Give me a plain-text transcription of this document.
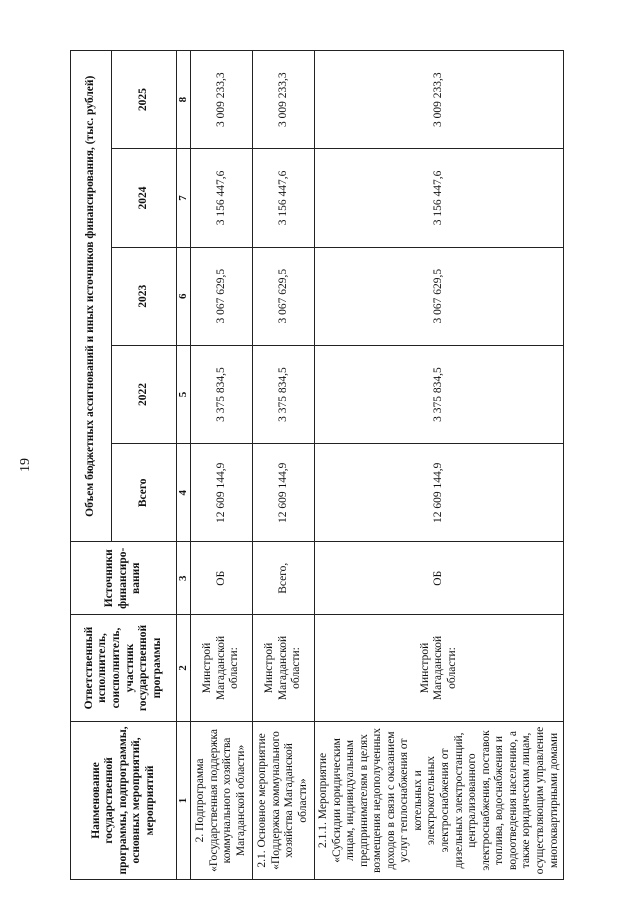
19
Наименование государственной программы, подпрограммы, основных мероприятий, мероприятий	Ответственный исполнитель, соисполнитель, участник государственной программы	Источники финансиро-вания	Объем бюджетных ассигнований и иных источников финансирования, (тыс. рублей)				
			Всего	2022	2023	2024	2025
1	2	3	4	5	6	7	8
2. Подпрограмма «Государственная поддержка коммунального хозяйства Магаданской области»	Минстрой Магаданской области:	ОБ	12 609 144,9	3 375 834,5	3 067 629,5	3 156 447,6	3 009 233,3
2.1. Основное мероприятие «Поддержка коммунального хозяйства Магаданской области»	Минстрой Магаданской области:	Всего,	12 609 144,9	3 375 834,5	3 067 629,5	3 156 447,6	3 009 233,3
2.1.1. Мероприятие «Субсидии юридическим лицам, индивидуальным предпринимателям в целях возмещения недополученных доходов в связи с оказанием услуг теплоснабжения от котельных и электрокотельных электроснабжения от дизельных электростанций, централизованного электроснабжения, поставок топлива, водоснабжения и водоотведения населению, а также юридическим лицам, осуществляющим управление многоквартирными домами	Минстрой Магаданской области:	ОБ	12 609 144,9	3 375 834,5	3 067 629,5	3 156 447,6	3 009 233,3
